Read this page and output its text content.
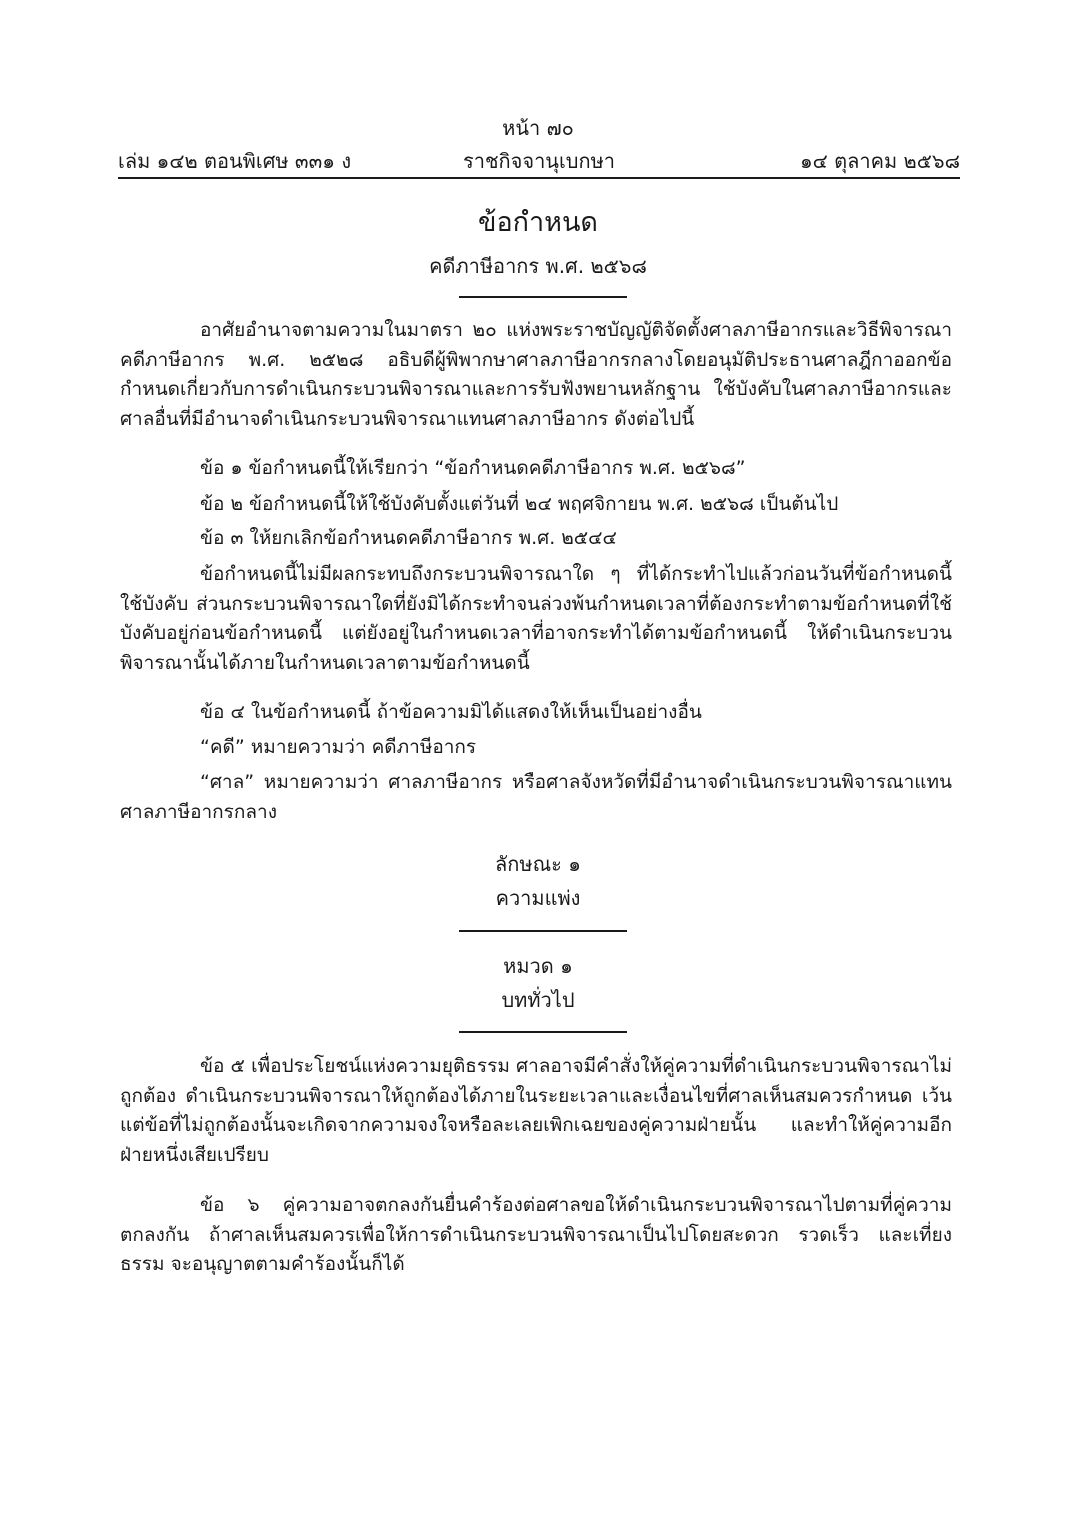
หน้า ๗๐
ราชกิจจานุเบกษา
เล่ม ๑๔๒ ตอนพิเศษ ๓๓๑ ง	๑๔ ตุลาคม ๒๕๖๘
ข้อกำหนด
คดีภาษีอากร พ.ศ. ๒๕๖๘

อาศัยอำนาจตามความในมาตรา ๒๐ แห่งพระราชบัญญัติจัดตั้งศาลภาษีอากรและวิธีพิจารณาคดีภาษีอากร พ.ศ. ๒๕๒๘ อธิบดีผู้พิพากษาศาลภาษีอากรกลางโดยอนุมัติประธานศาลฎีกาออกข้อกำหนดเกี่ยวกับการดำเนินกระบวนพิจารณาและการรับฟังพยานหลักฐาน ใช้บังคับในศาลภาษีอากรและศาลอื่นที่มีอำนาจดำเนินกระบวนพิจารณาแทนศาลภาษีอากร ดังต่อไปนี้

ข้อ ๑ ข้อกำหนดนี้ให้เรียกว่า “ข้อกำหนดคดีภาษีอากร พ.ศ. ๒๕๖๘”

ข้อ ๒ ข้อกำหนดนี้ให้ใช้บังคับตั้งแต่วันที่ ๒๔ พฤศจิกายน พ.ศ. ๒๕๖๘ เป็นต้นไป

ข้อ ๓ ให้ยกเลิกข้อกำหนดคดีภาษีอากร พ.ศ. ๒๕๔๔

ข้อกำหนดนี้ไม่มีผลกระทบถึงกระบวนพิจารณาใด ๆ ที่ได้กระทำไปแล้วก่อนวันที่ข้อกำหนดนี้ใช้บังคับ ส่วนกระบวนพิจารณาใดที่ยังมิได้กระทำจนล่วงพ้นกำหนดเวลาที่ต้องกระทำตามข้อกำหนดที่ใช้บังคับอยู่ก่อนข้อกำหนดนี้ แต่ยังอยู่ในกำหนดเวลาที่อาจกระทำได้ตามข้อกำหนดนี้ ให้ดำเนินกระบวนพิจารณานั้นได้ภายในกำหนดเวลาตามข้อกำหนดนี้

ข้อ ๔ ในข้อกำหนดนี้ ถ้าข้อความมิได้แสดงให้เห็นเป็นอย่างอื่น

“คดี” หมายความว่า คดีภาษีอากร

“ศาล” หมายความว่า ศาลภาษีอากร หรือศาลจังหวัดที่มีอำนาจดำเนินกระบวนพิจารณาแทนศาลภาษีอากรกลาง

ลักษณะ ๑
ความแพ่ง
หมวด ๑
บททั่วไป

ข้อ ๕ เพื่อประโยชน์แห่งความยุติธรรม ศาลอาจมีคำสั่งให้คู่ความที่ดำเนินกระบวนพิจารณาไม่ถูกต้อง ดำเนินกระบวนพิจารณาให้ถูกต้องได้ภายในระยะเวลาและเงื่อนไขที่ศาลเห็นสมควรกำหนด เว้นแต่ข้อที่ไม่ถูกต้องนั้นจะเกิดจากความจงใจหรือละเลยเพิกเฉยของคู่ความฝ่ายนั้น และทำให้คู่ความอีกฝ่ายหนึ่งเสียเปรียบ

ข้อ ๖ คู่ความอาจตกลงกันยื่นคำร้องต่อศาลขอให้ดำเนินกระบวนพิจารณาไปตามที่คู่ความตกลงกัน ถ้าศาลเห็นสมควรเพื่อให้การดำเนินกระบวนพิจารณาเป็นไปโดยสะดวก รวดเร็ว และเที่ยงธรรม จะอนุญาตตามคำร้องนั้นก็ได้
